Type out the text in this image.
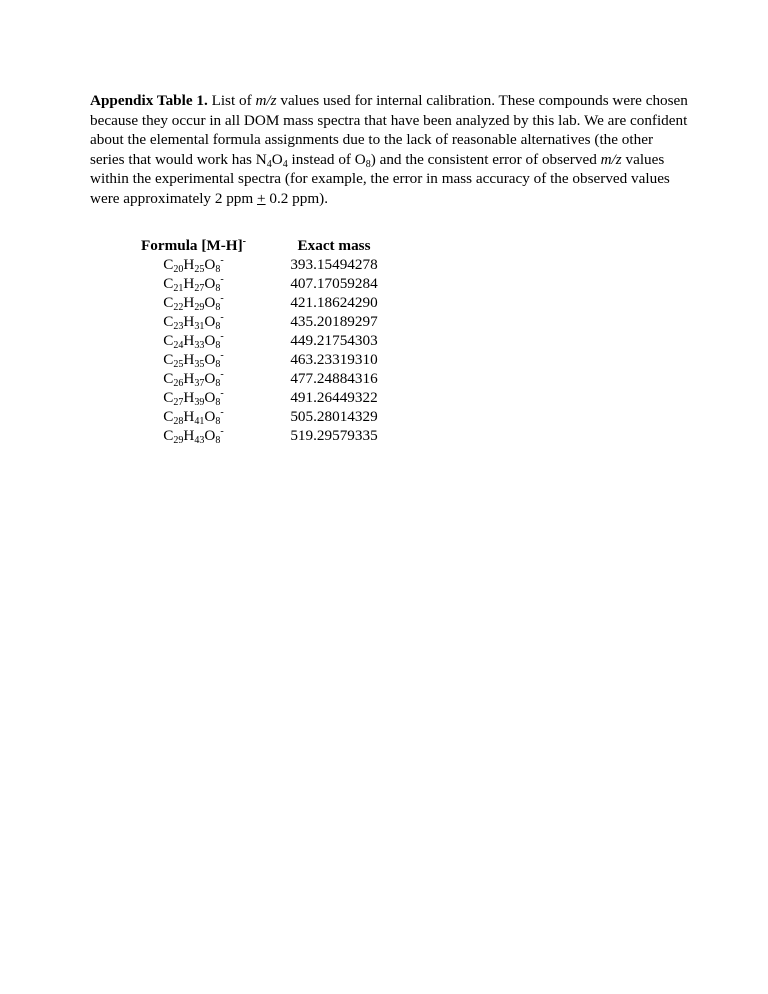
Appendix Table 1. List of m/z values used for internal calibration. These compounds were chosen because they occur in all DOM mass spectra that have been analyzed by this lab. We are confident about the elemental formula assignments due to the lack of reasonable alternatives (the other series that would work has $N_4O_4$ instead of $O_8$) and the consistent error of observed m/z values within the experimental spectra (for example, the error in mass accuracy of the observed values were approximately 2 ppm + 0.2 ppm).

Formula [M-H]-	Exact mass
$C_{20}H_{25}O_8^-$	393.15494278
$C_{21}H_{27}O_8^-$	407.17059284
$C_{22}H_{29}O_8^-$	421.18624290
$C_{23}H_{31}O_8^-$	435.20189297
$C_{24}H_{33}O_8^-$	449.21754303
$C_{25}H_{35}O_8^-$	463.23319310
$C_{26}H_{37}O_8^-$	477.24884316
$C_{27}H_{39}O_8^-$	491.26449322
$C_{28}H_{41}O_8^-$	505.28014329
$C_{29}H_{43}O_8^-$	519.29579335
